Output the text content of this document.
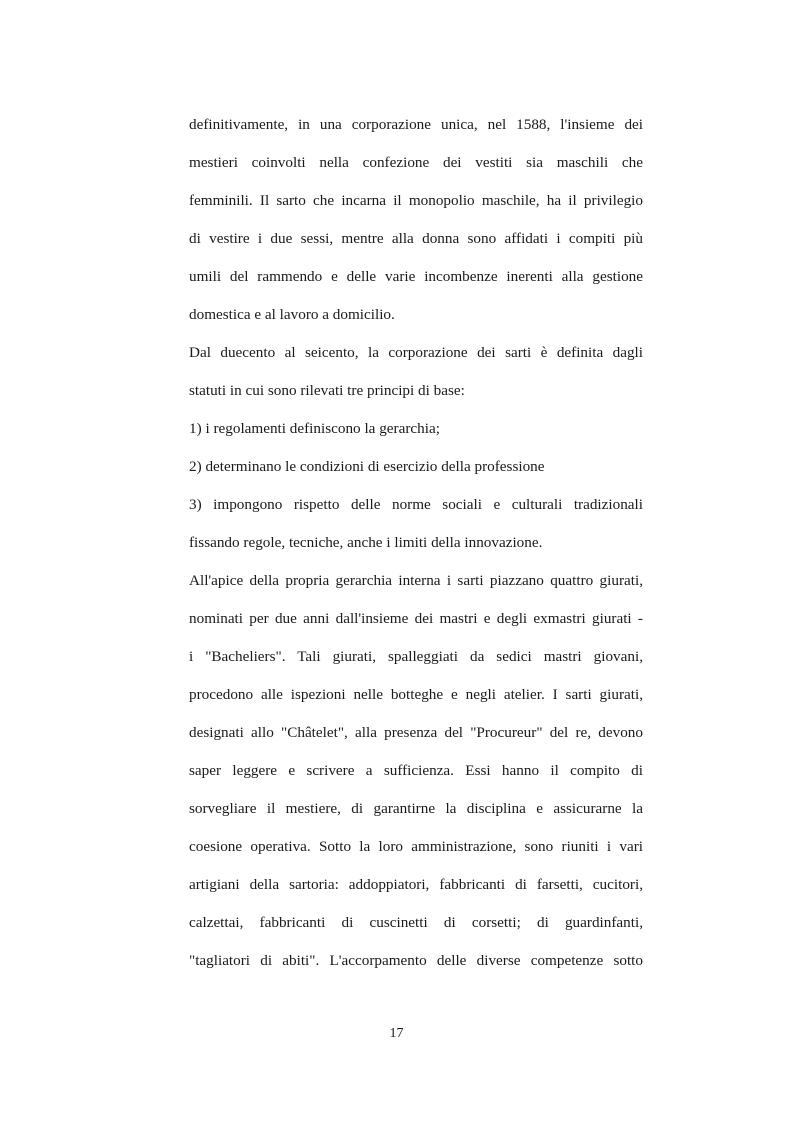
definitivamente, in una corporazione unica, nel 1588, l'insieme dei
mestieri coinvolti nella confezione dei vestiti sia maschili che
femminili. Il sarto che incarna il monopolio maschile, ha il privilegio
di vestire i due sessi, mentre alla donna sono affidati i compiti più
umili del rammendo e delle varie incombenze inerenti alla gestione
domestica e al lavoro a domicilio.
Dal duecento al seicento, la corporazione dei sarti è definita dagli
statuti in cui sono rilevati tre principi di base:
1) i regolamenti definiscono la gerarchia;
2) determinano le condizioni di esercizio della professione
3) impongono rispetto delle norme sociali e culturali tradizionali
fissando regole, tecniche, anche i limiti della innovazione.
All'apice della propria gerarchia interna i sarti piazzano quattro giurati,
nominati per due anni dall'insieme dei mastri e degli exmastri giurati -
i "Bacheliers". Tali giurati, spalleggiati da sedici mastri giovani,
procedono alle ispezioni nelle botteghe e negli atelier. I sarti giurati,
designati allo "Châtelet", alla presenza del "Procureur" del re, devono
saper leggere e scrivere a sufficienza. Essi hanno il compito di
sorvegliare il mestiere, di garantirne la disciplina e assicurarne la
coesione operativa. Sotto la loro amministrazione, sono riuniti i vari
artigiani della sartoria: addoppiatori, fabbricanti di farsetti, cucitori,
calzettai, fabbricanti di cuscinetti di corsetti; di guardinfanti,
"tagliatori di abiti". L'accorpamento delle diverse competenze sotto
17
